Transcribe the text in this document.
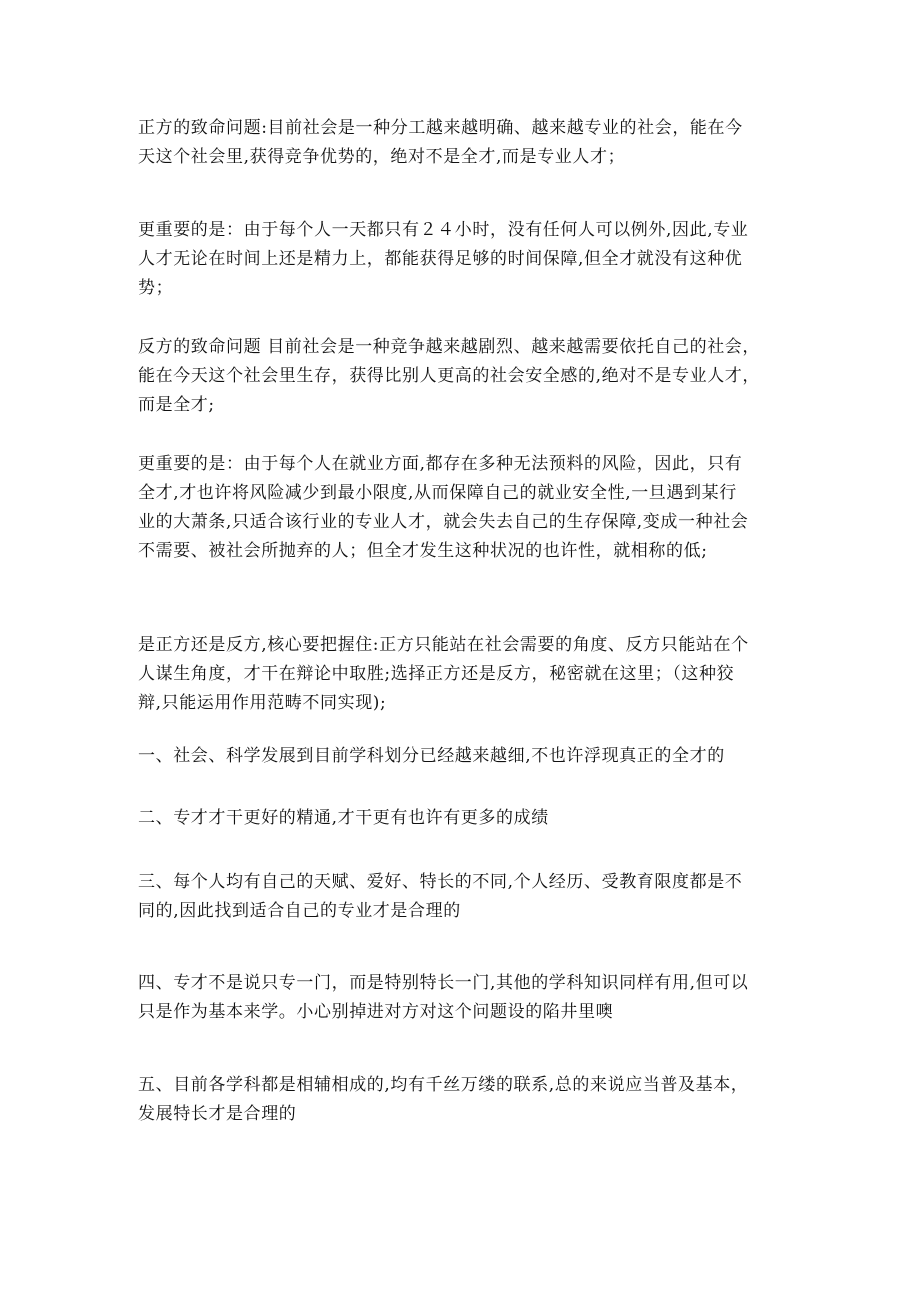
正方的致命问题:目前社会是一种分工越来越明确、越来越专业的社会，能在今
天这个社会里,获得竞争优势的，绝对不是全才,而是专业人才；

更重要的是：由于每个人一天都只有２４小时，没有任何人可以例外,因此,专业
人才无论在时间上还是精力上，都能获得足够的时间保障,但全才就没有这种优
势；

反方的致命问题 目前社会是一种竞争越来越剧烈、越来越需要依托自己的社会，
能在今天这个社会里生存，获得比别人更高的社会安全感的,绝对不是专业人才，
而是全才;

更重要的是：由于每个人在就业方面,都存在多种无法预料的风险，因此，只有
全才,才也许将风险减少到最小限度,从而保障自己的就业安全性,一旦遇到某行
业的大萧条,只适合该行业的专业人才，就会失去自己的生存保障,变成一种社会
不需要、被社会所抛弃的人；但全才发生这种状况的也许性，就相称的低;

是正方还是反方,核心要把握住:正方只能站在社会需要的角度、反方只能站在个
人谋生角度，才干在辩论中取胜;选择正方还是反方，秘密就在这里；（这种狡
辩,只能运用作用范畴不同实现);

一、社会、科学发展到目前学科划分已经越来越细,不也许浮现真正的全才的

二、专才才干更好的精通,才干更有也许有更多的成绩

三、每个人均有自己的天赋、爱好、特长的不同,个人经历、受教育限度都是不
同的,因此找到适合自己的专业才是合理的

四、专才不是说只专一门，而是特别特长一门,其他的学科知识同样有用,但可以
只是作为基本来学。小心别掉进对方对这个问题设的陷井里噢

五、目前各学科都是相辅相成的,均有千丝万缕的联系,总的来说应当普及基本，
发展特长才是合理的
